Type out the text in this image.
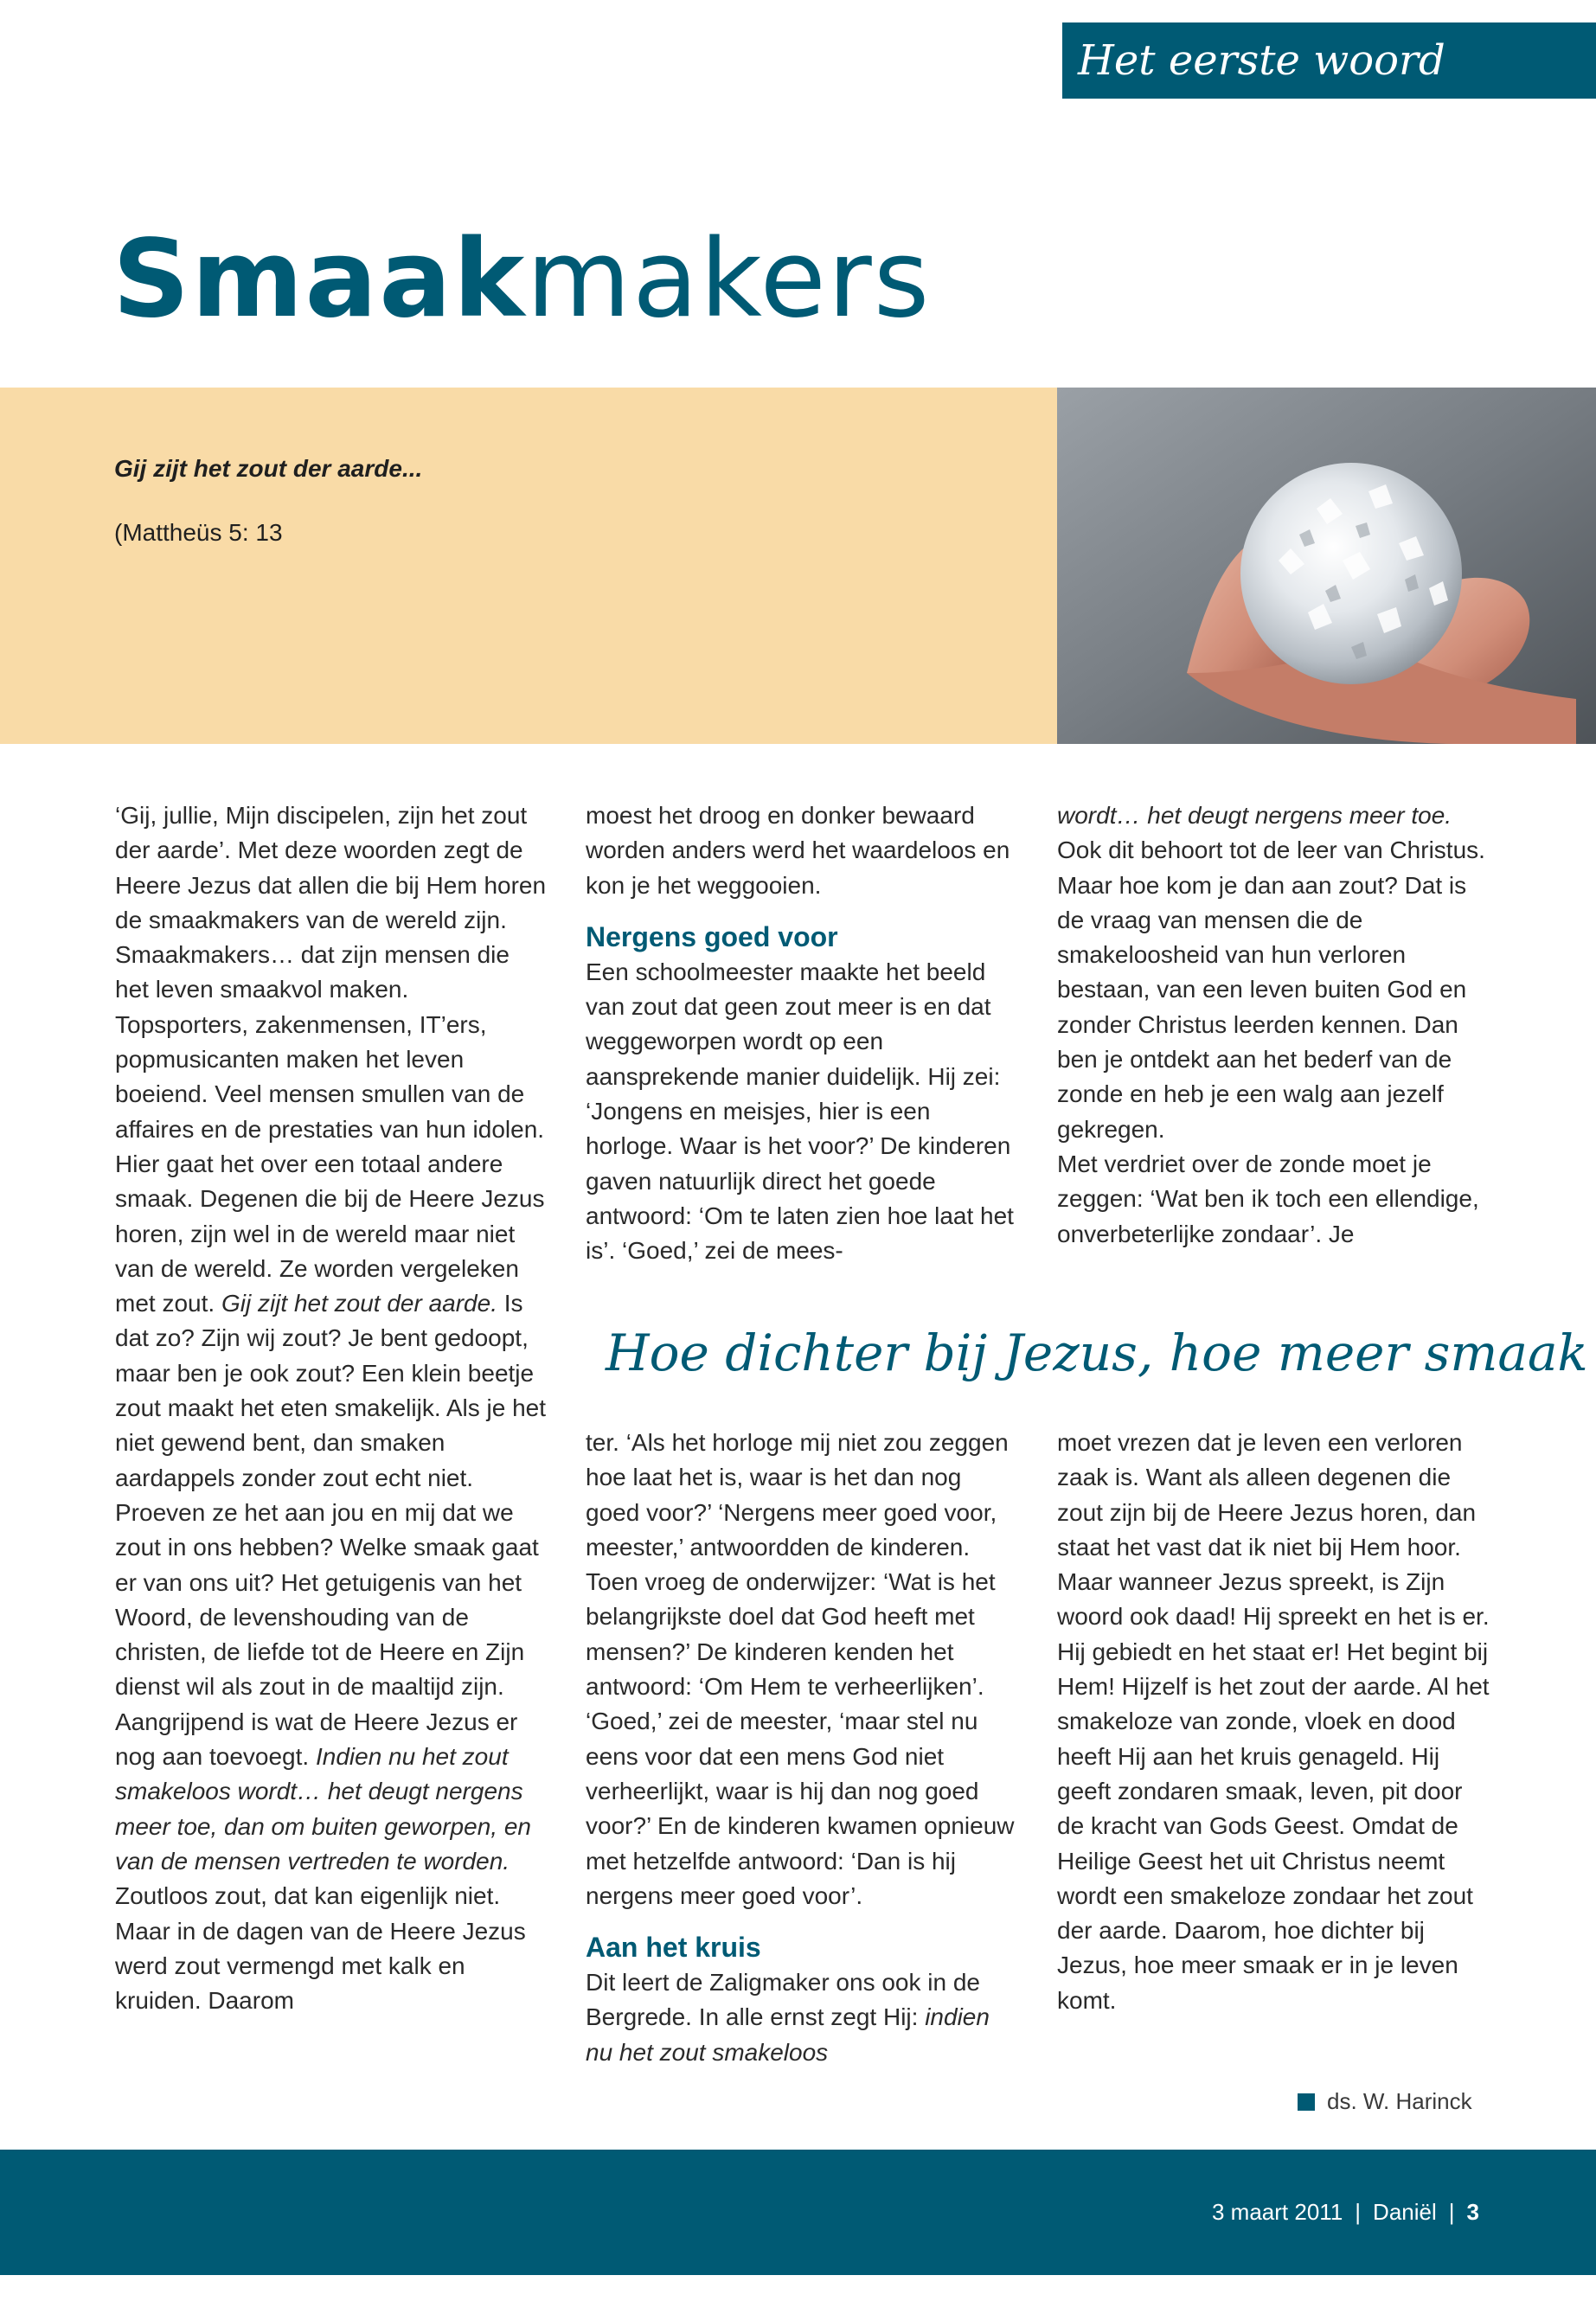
Het eerste woord
Smaakmakers
Gij zijt het zout der aarde...
(Mattheüs 5: 13

‘Gij, jullie, Mijn discipelen, zijn het zout der aarde’. Met deze woorden zegt de Heere Jezus dat allen die bij Hem horen de smaakmakers van de wereld zijn. Smaakmakers… dat zijn mensen die het leven smaakvol maken. Topsporters, zakenmensen, IT’ers, popmusicanten maken het leven boeiend. Veel mensen smullen van de affaires en de prestaties van hun idolen.

Hier gaat het over een totaal andere smaak. Degenen die bij de Heere Jezus horen, zijn wel in de wereld maar niet van de wereld. Ze worden vergeleken met zout. Gij zijt het zout der aarde. Is dat zo? Zijn wij zout? Je bent gedoopt, maar ben je ook zout? Een klein beetje zout maakt het eten smakelijk. Als je het niet gewend bent, dan smaken aardappels zonder zout echt niet. Proeven ze het aan jou en mij dat we zout in ons hebben? Welke smaak gaat er van ons uit? Het getuigenis van het Woord, de levenshouding van de christen, de liefde tot de Heere en Zijn dienst wil als zout in de maaltijd zijn.

Aangrijpend is wat de Heere Jezus er nog aan toevoegt. Indien nu het zout smakeloos wordt… het deugt nergens meer toe, dan om buiten geworpen, en van de mensen vertreden te worden. Zoutloos zout, dat kan eigenlijk niet. Maar in de dagen van de Heere Jezus werd zout vermengd met kalk en kruiden. Daarom

moest het droog en donker bewaard worden anders werd het waardeloos en kon je het weggooien.

Nergens goed voor

Een schoolmeester maakte het beeld van zout dat geen zout meer is en dat weggeworpen wordt op een aansprekende manier duidelijk. Hij zei: ‘Jongens en meisjes, hier is een horloge. Waar is het voor?’ De kinderen gaven natuurlijk direct het goede antwoord: ‘Om te laten zien hoe laat het is’. ‘Goed,’ zei de mees-

wordt… het deugt nergens meer toe. Ook dit behoort tot de leer van Christus.

Maar hoe kom je dan aan zout? Dat is de vraag van mensen die de smakeloosheid van hun verloren bestaan, van een leven buiten God en zonder Christus leerden kennen. Dan ben je ontdekt aan het bederf van de zonde en heb je een walg aan jezelf gekregen.

Met verdriet over de zonde moet je zeggen: ‘Wat ben ik toch een ellendige, onverbeterlijke zondaar’. Je

Hoe dichter bij Jezus, hoe meer smaak

ter. ‘Als het horloge mij niet zou zeggen hoe laat het is, waar is het dan nog goed voor?’ ‘Nergens meer goed voor, meester,’ antwoordden de kinderen.

Toen vroeg de onderwijzer: ‘Wat is het belangrijkste doel dat God heeft met mensen?’ De kinderen kenden het antwoord: ‘Om Hem te verheerlijken’. ‘Goed,’ zei de meester, ‘maar stel nu eens voor dat een mens God niet verheerlijkt, waar is hij dan nog goed voor?’ En de kinderen kwamen opnieuw met hetzelfde antwoord: ‘Dan is hij nergens meer goed voor’.

Aan het kruis

Dit leert de Zaligmaker ons ook in de Bergrede. In alle ernst zegt Hij: indien nu het zout smakeloos

moet vrezen dat je leven een verloren zaak is. Want als alleen degenen die zout zijn bij de Heere Jezus horen, dan staat het vast dat ik niet bij Hem hoor.

Maar wanneer Jezus spreekt, is Zijn woord ook daad! Hij spreekt en het is er. Hij gebiedt en het staat er! Het begint bij Hem! Hijzelf is het zout der aarde. Al het smakeloze van zonde, vloek en dood heeft Hij aan het kruis genageld. Hij geeft zondaren smaak, leven, pit door de kracht van Gods Geest. Omdat de Heilige Geest het uit Christus neemt wordt een smakeloze zondaar het zout der aarde. Daarom, hoe dichter bij Jezus, hoe meer smaak er in je leven komt.

ds. W. Harinck
3 maart 2011 | Daniël | 3
